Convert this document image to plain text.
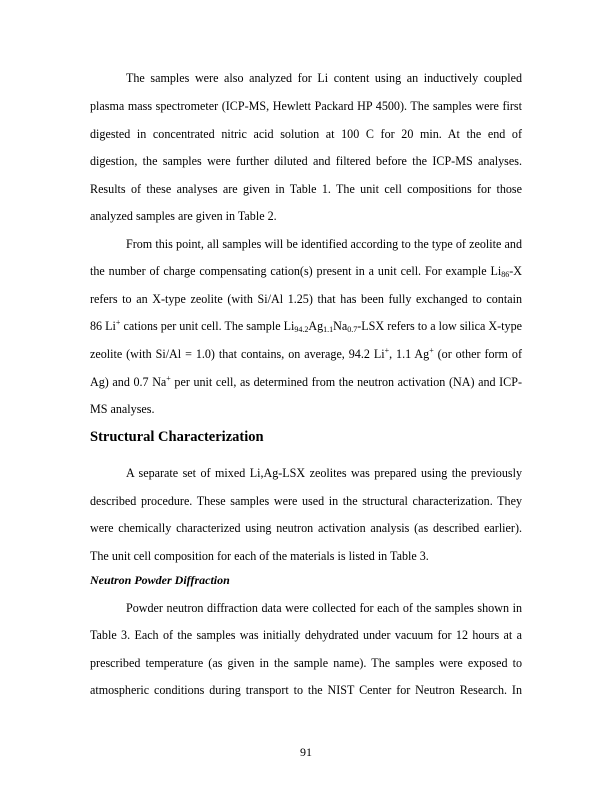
The samples were also analyzed for Li content using an inductively coupled
plasma mass spectrometer (ICP-MS, Hewlett Packard HP 4500). The samples were first
digested in concentrated nitric acid solution at 100 C for 20 min. At the end of
digestion, the samples were further diluted and filtered before the ICP-MS analyses.
Results of these analyses are given in Table 1. The unit cell compositions for those
analyzed samples are given in Table 2.
From this point, all samples will be identified according to the type of zeolite and
the number of charge compensating cation(s) present in a unit cell. For example $Li_{86}-X$
refers to an X-type zeolite (with Si/Al 1.25) that has been fully exchanged to contain
86 Li+ cations per unit cell. The sample $Li_{94.2}Ag_{1.1}Na_{0.7}$-LSX refers to a low silica X-type
zeolite (with Si/Al = 1.0) that contains, on average, 94.2 Li+, 1.1 Ag+ (or other form of
Ag) and 0.7 Na+ per unit cell, as determined from the neutron activation (NA) and ICP-
MS analyses.
Structural Characterization
A separate set of mixed Li,Ag-LSX zeolites was prepared using the previously
described procedure. These samples were used in the structural characterization. They
were chemically characterized using neutron activation analysis (as described earlier).
The unit cell composition for each of the materials is listed in Table 3.
Neutron Powder Diffraction
Powder neutron diffraction data were collected for each of the samples shown in
Table 3. Each of the samples was initially dehydrated under vacuum for 12 hours at a
prescribed temperature (as given in the sample name). The samples were exposed to
atmospheric conditions during transport to the NIST Center for Neutron Research. In
91
